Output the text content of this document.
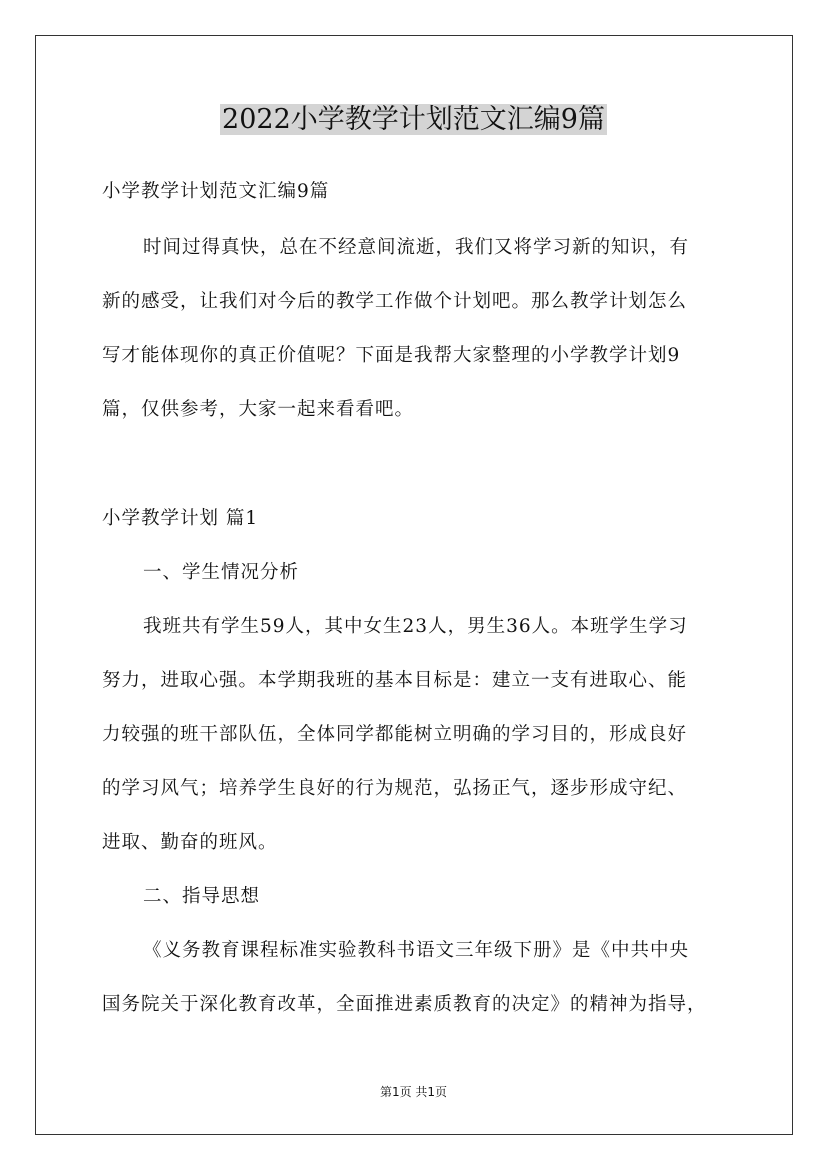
2022小学教学计划范文汇编9篇
小学教学计划范文汇编9篇
时间过得真快，总在不经意间流逝，我们又将学习新的知识，有
新的感受，让我们对今后的教学工作做个计划吧。那么教学计划怎么
写才能体现你的真正价值呢？下面是我帮大家整理的小学教学计划9
篇，仅供参考，大家一起来看看吧。
小学教学计划 篇1
一、学生情况分析
我班共有学生59人，其中女生23人，男生36人。本班学生学习
努力，进取心强。本学期我班的基本目标是：建立一支有进取心、能
力较强的班干部队伍，全体同学都能树立明确的学习目的，形成良好
的学习风气；培养学生良好的行为规范，弘扬正气，逐步形成守纪、
进取、勤奋的班风。
二、指导思想
《义务教育课程标准实验教科书语文三年级下册》是《中共中央
国务院关于深化教育改革，全面推进素质教育的决定》的精神为指导，
第1页 共1页
